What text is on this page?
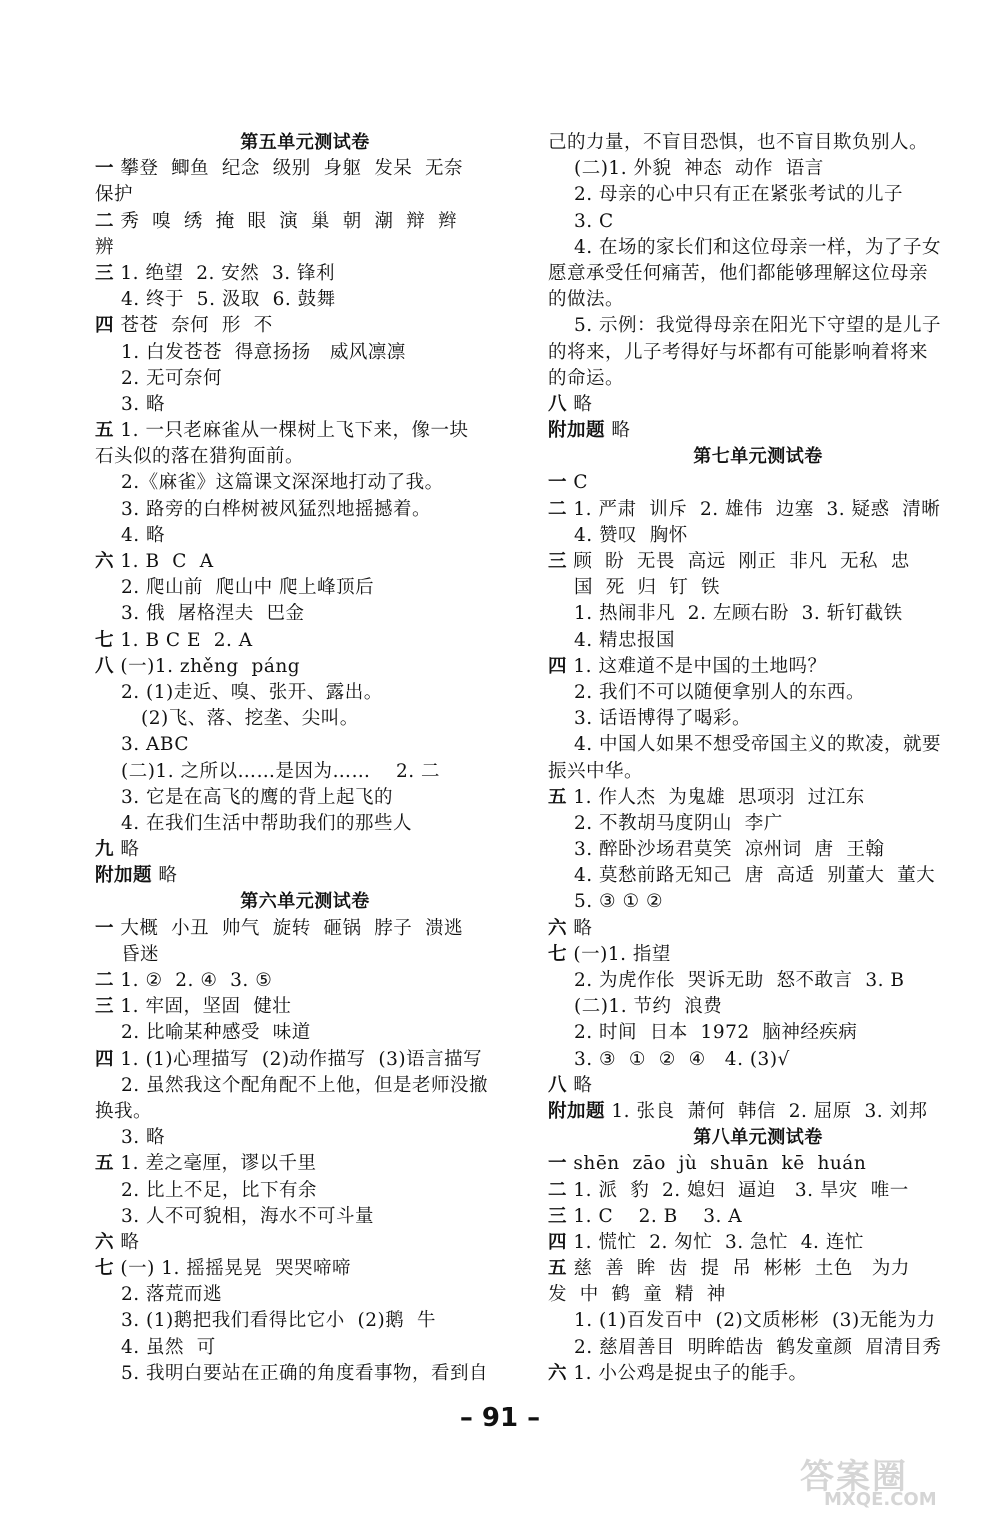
第五单元测试卷
一 攀登  鲫鱼  纪念  级别  身躯  发呆  无奈
保护
二 秀  嗅  绣  掩  眼  演  巢  朝  潮  辩  辫
辨
三 1. 绝望  2. 安然  3. 锋利
4. 终于  5. 汲取  6. 鼓舞
四 苍苍  奈何  形  不
1. 白发苍苍  得意扬扬   威风凛凛
2. 无可奈何
3. 略
五 1. 一只老麻雀从一棵树上飞下来，像一块
石头似的落在猎狗面前。
2.《麻雀》这篇课文深深地打动了我。
3. 路旁的白桦树被风猛烈地摇撼着。
4. 略
六 1. B  C  A
2. 爬山前  爬山中 爬上峰顶后
3. 俄  屠格涅夫  巴金
七 1. B C E  2. A
八 (一)1. zhěng  páng
2. (1)走近、嗅、张开、露出。
(2)飞、落、挖垄、尖叫。
3. ABC
(二)1. 之所以……是因为……    2. 二
3. 它是在高飞的鹰的背上起飞的
4. 在我们生活中帮助我们的那些人
九 略
附加题 略
第六单元测试卷
一 大概  小丑  帅气  旋转  砸锅  脖子  溃逃
昏迷
二 1. ②  2. ④  3. ⑤
三 1. 牢固，坚固  健壮
2. 比喻某种感受  味道
四 1. (1)心理描写  (2)动作描写  (3)语言描写
2. 虽然我这个配角配不上他，但是老师没撤
换我。
3. 略
五 1. 差之毫厘，谬以千里
2. 比上不足，比下有余
3. 人不可貌相，海水不可斗量
六 略
七 (一) 1. 摇摇晃晃  哭哭啼啼
2. 落荒而逃
3. (1)鹅把我们看得比它小  (2)鹅  牛
4. 虽然  可
5. 我明白要站在正确的角度看事物，看到自
己的力量，不盲目恐惧，也不盲目欺负别人。
(二)1. 外貌  神态  动作  语言
2. 母亲的心中只有正在紧张考试的儿子
3. C
4. 在场的家长们和这位母亲一样，为了子女
愿意承受任何痛苦，他们都能够理解这位母亲
的做法。
5. 示例：我觉得母亲在阳光下守望的是儿子
的将来，儿子考得好与坏都有可能影响着将来
的命运。
八 略
附加题 略
第七单元测试卷
一 C
二 1. 严肃  训斥  2. 雄伟  边塞  3. 疑惑  清晰
4. 赞叹  胸怀
三 顾  盼  无畏  高远  刚正  非凡  无私  忠
国  死  归  钉  铁
1. 热闹非凡  2. 左顾右盼  3. 斩钉截铁
4. 精忠报国
四 1. 这难道不是中国的土地吗？
2. 我们不可以随便拿别人的东西。
3. 话语博得了喝彩。
4. 中国人如果不想受帝国主义的欺凌，就要
振兴中华。
五 1. 作人杰  为鬼雄  思项羽  过江东
2. 不教胡马度阴山  李广
3. 醉卧沙场君莫笑  凉州词  唐  王翰
4. 莫愁前路无知己  唐  高适  别董大  董大
5. ③ ① ②
六 略
七 (一)1. 指望
2. 为虎作伥  哭诉无助  怒不敢言  3. B
(二)1. 节约  浪费
2. 时间  日本  1972  脑神经疾病
3. ③  ①  ②  ④   4. (3)√
八 略
附加题 1. 张良  萧何  韩信  2. 屈原  3. 刘邦
第八单元测试卷
一 shēn  zāo  jù  shuān  kē  huán
二 1. 派  豹  2. 媳妇  逼迫   3. 旱灾  唯一
三 1. C    2. B    3. A
四 1. 慌忙  2. 匆忙  3. 急忙  4. 连忙
五 慈  善  眸  齿  提  吊  彬彬  土色   为力
发  中  鹤  童  精  神
1. (1)百发百中  (2)文质彬彬  (3)无能为力
2. 慈眉善目  明眸皓齿  鹤发童颜  眉清目秀
六 1. 小公鸡是捉虫子的能手。
– 91 –
答案圈
MXQE.COM
